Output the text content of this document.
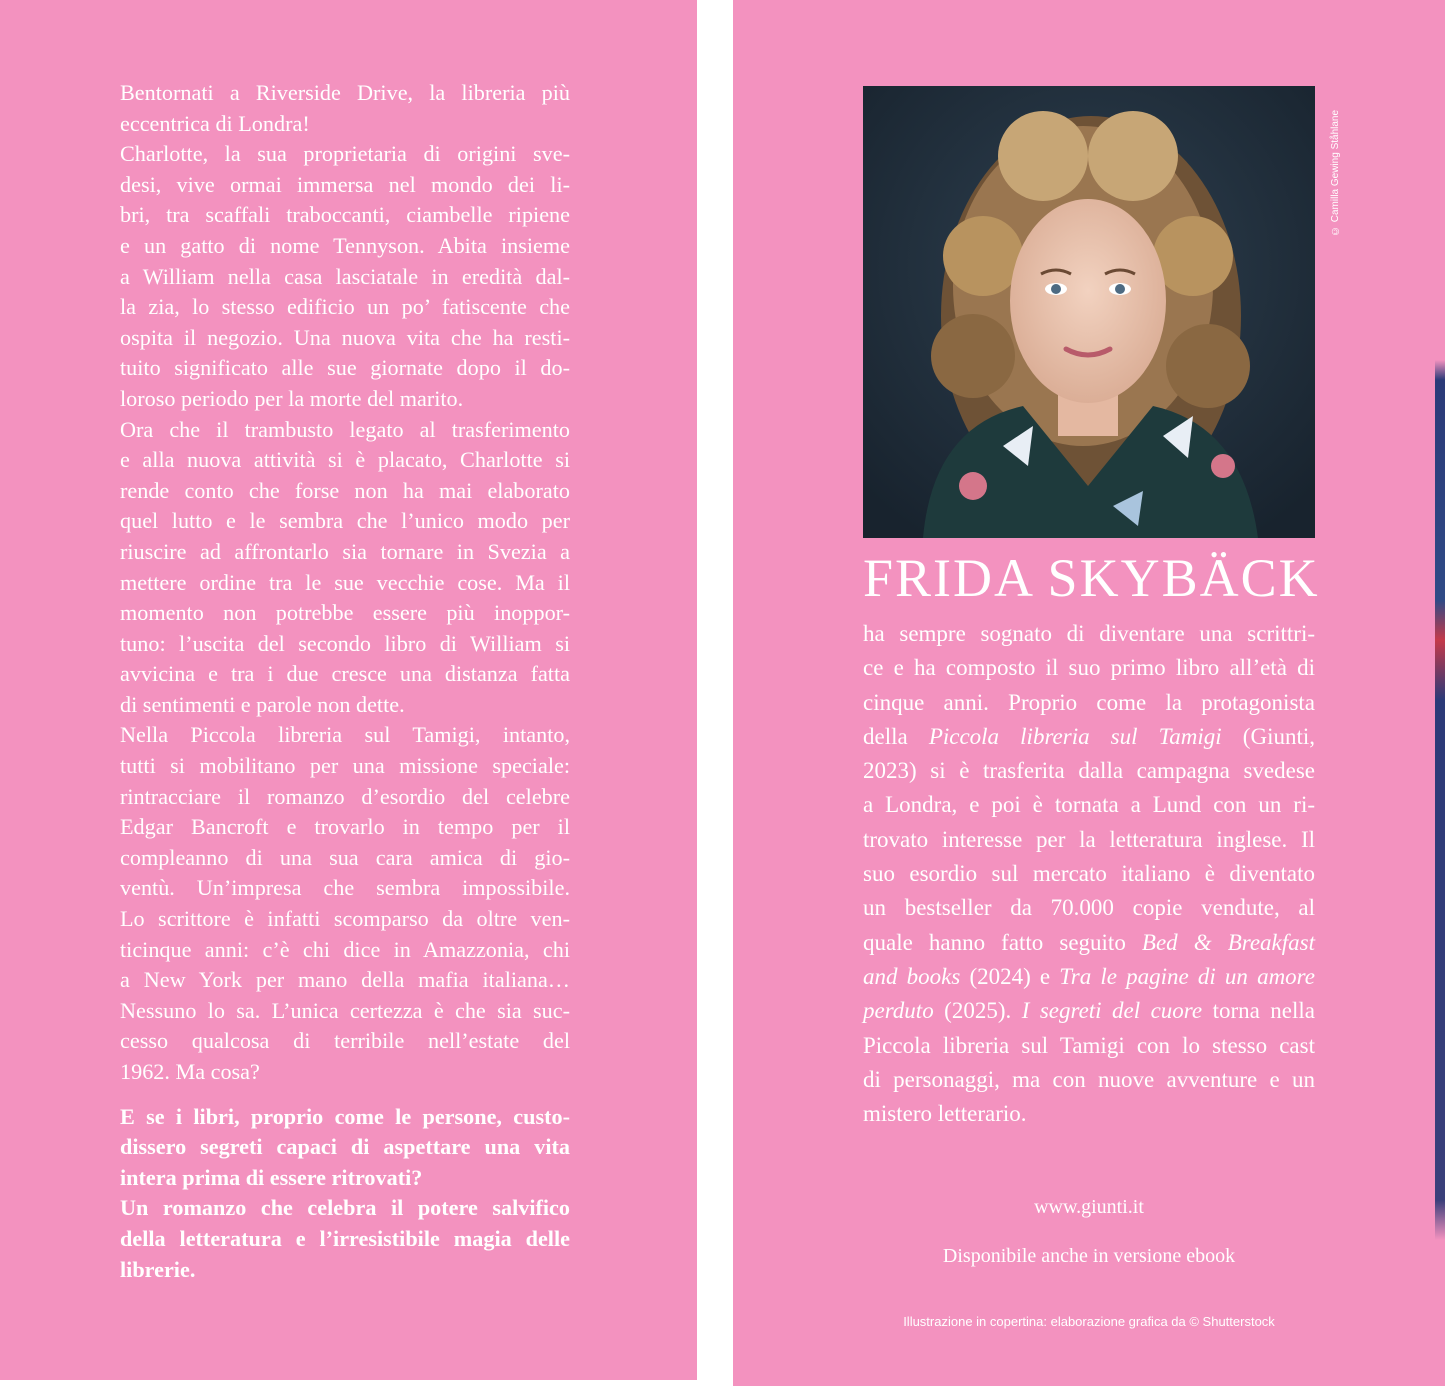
Bentornati a Riverside Drive, la libreria più
eccentrica di Londra!
Charlotte, la sua proprietaria di origini sve-
desi, vive ormai immersa nel mondo dei li-
bri, tra scaffali traboccanti, ciambelle ripiene
e un gatto di nome Tennyson. Abita insieme
a William nella casa lasciatale in eredità dal-
la zia, lo stesso edificio un po’ fatiscente che
ospita il negozio. Una nuova vita che ha resti-
tuito significato alle sue giornate dopo il do-
loroso periodo per la morte del marito.
Ora che il trambusto legato al trasferimento
e alla nuova attività si è placato, Charlotte si
rende conto che forse non ha mai elaborato
quel lutto e le sembra che l’unico modo per
riuscire ad affrontarlo sia tornare in Svezia a
mettere ordine tra le sue vecchie cose. Ma il
momento non potrebbe essere più inoppor-
tuno: l’uscita del secondo libro di William si
avvicina e tra i due cresce una distanza fatta
di sentimenti e parole non dette.
Nella Piccola libreria sul Tamigi, intanto,
tutti si mobilitano per una missione speciale:
rintracciare il romanzo d’esordio del celebre
Edgar Bancroft e trovarlo in tempo per il
compleanno di una sua cara amica di gio-
ventù. Un’impresa che sembra impossibile.
Lo scrittore è infatti scomparso da oltre ven-
ticinque anni: c’è chi dice in Amazzonia, chi
a New York per mano della mafia italiana…
Nessuno lo sa. L’unica certezza è che sia suc-
cesso qualcosa di terribile nell’estate del
1962. Ma cosa?
E se i libri, proprio come le persone, custo-
dissero segreti capaci di aspettare una vita
intera prima di essere ritrovati?
Un romanzo che celebra il potere salvifico
della letteratura e l’irresistibile magia delle
librerie.
© Camilla Gewing Ståhlane
FRIDA SKYBÄCK
ha sempre sognato di diventare una scrittri-
ce e ha composto il suo primo libro all’età di
cinque anni. Proprio come la protagonista
della Piccola libreria sul Tamigi (Giunti,
2023) si è trasferita dalla campagna svedese
a Londra, e poi è tornata a Lund con un ri-
trovato interesse per la letteratura inglese. Il
suo esordio sul mercato italiano è diventato
un bestseller da 70.000 copie vendute, al
quale hanno fatto seguito Bed & Breakfast
and books (2024) e Tra le pagine di un amore
perduto (2025). I segreti del cuore torna nella
Piccola libreria sul Tamigi con lo stesso cast
di personaggi, ma con nuove avventure e un
mistero letterario.
www.giunti.it
Disponibile anche in versione ebook
Illustrazione in copertina: elaborazione grafica da © Shutterstock
